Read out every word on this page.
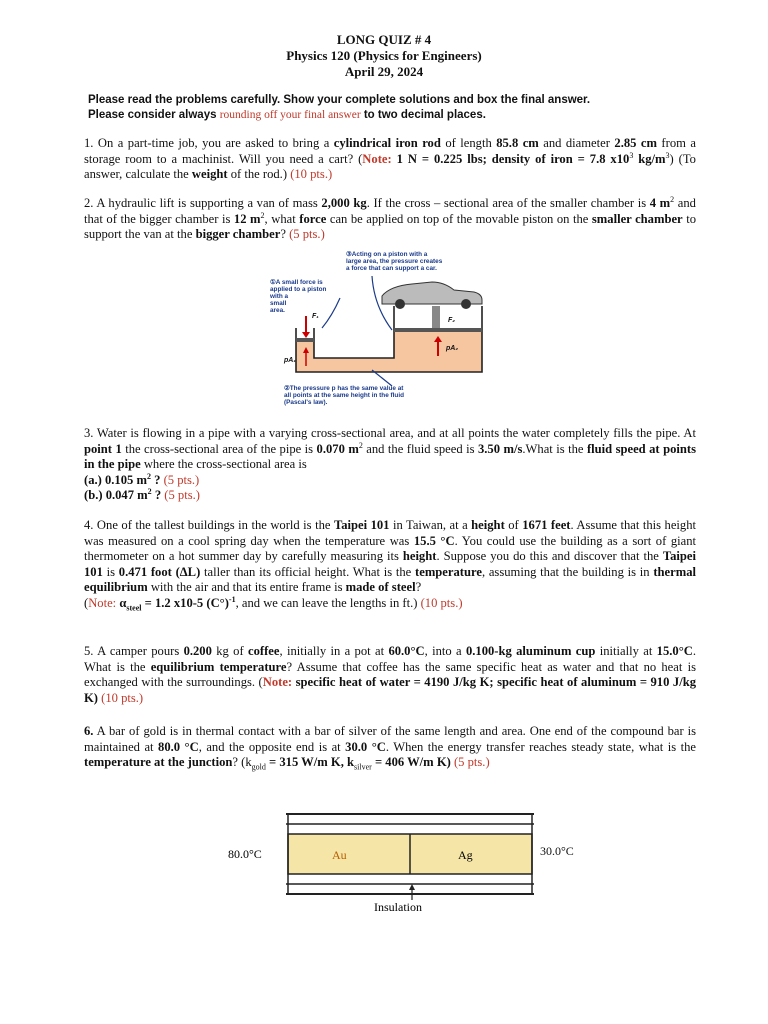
LONG QUIZ # 4
Physics 120 (Physics for Engineers)
April 29, 2024
Please read the problems carefully. Show your complete solutions and box the final answer.
Please consider always rounding off your final answer to two decimal places.
1. On a part-time job, you are asked to bring a cylindrical iron rod of length 85.8 cm and diameter 2.85 cm from a storage room to a machinist. Will you need a cart? (Note: 1 N = 0.225 lbs; density of iron = 7.8 $x10^3$ $kg/m^3$) (To answer, calculate the weight of the rod.) (10 pts.)
2. A hydraulic lift is supporting a van of mass 2,000 kg. If the cross – sectional area of the smaller chamber is 4 $m^2$ and that of the bigger chamber is 12 $m^2$, what force can be applied on top of the movable piston on the smaller chamber to support the van at the bigger chamber? (5 pts.)
③Acting on a piston with a
large area, the pressure creates
a force that can support a car.
①A small force is
applied to a piston
with a
small
area.
②The pressure p has the same value at
all points at the same height in the fluid
(Pascal's law).
F₁
F₂
pA₁
pA₂
3. Water is flowing in a pipe with a varying cross-sectional area, and at all points the water completely fills the pipe. At point 1 the cross-sectional area of the pipe is 0.070 $m^2$ and the fluid speed is 3.50 m/s.What is the fluid speed at points in the pipe where the cross-sectional area is
(a.) 0.105 $m^2$ ? (5 pts.)
(b.) 0.047 $m^2$ ? (5 pts.)
4. One of the tallest buildings in the world is the Taipei 101 in Taiwan, at a height of 1671 feet. Assume that this height was measured on a cool spring day when the temperature was 15.5 °C. You could use the building as a sort of giant thermometer on a hot summer day by carefully measuring its height. Suppose you do this and discover that the Taipei 101 is 0.471 foot (ΔL) taller than its official height. What is the temperature, assuming that the building is in thermal equilibrium with the air and that its entire frame is made of steel?
(Note: $\alpha_{steel} = 1.2$ x10-5 $(C^\circ)^{-1}$, and we can leave the lengths in ft.) (10 pts.)
5. A camper pours 0.200 kg of coffee, initially in a pot at 60.0°C, into a 0.100-kg aluminum cup initially at 15.0°C. What is the equilibrium temperature? Assume that coffee has the same specific heat as water and that no heat is exchanged with the surroundings. (Note: specific heat of water = 4190 J/kg K; specific heat of aluminum = 910 J/kg K) (10 pts.)
6. A bar of gold is in thermal contact with a bar of silver of the same length and area. One end of the compound bar is maintained at 80.0 °C, and the opposite end is at 30.0 °C. When the energy transfer reaches steady state, what is the temperature at the junction? ($k_{gold} = 315$ W/m K, $k_{silver} = 406$ W/m K) (5 pts.)
80.0°C	Au	Ag
Insulation
30.0°C
